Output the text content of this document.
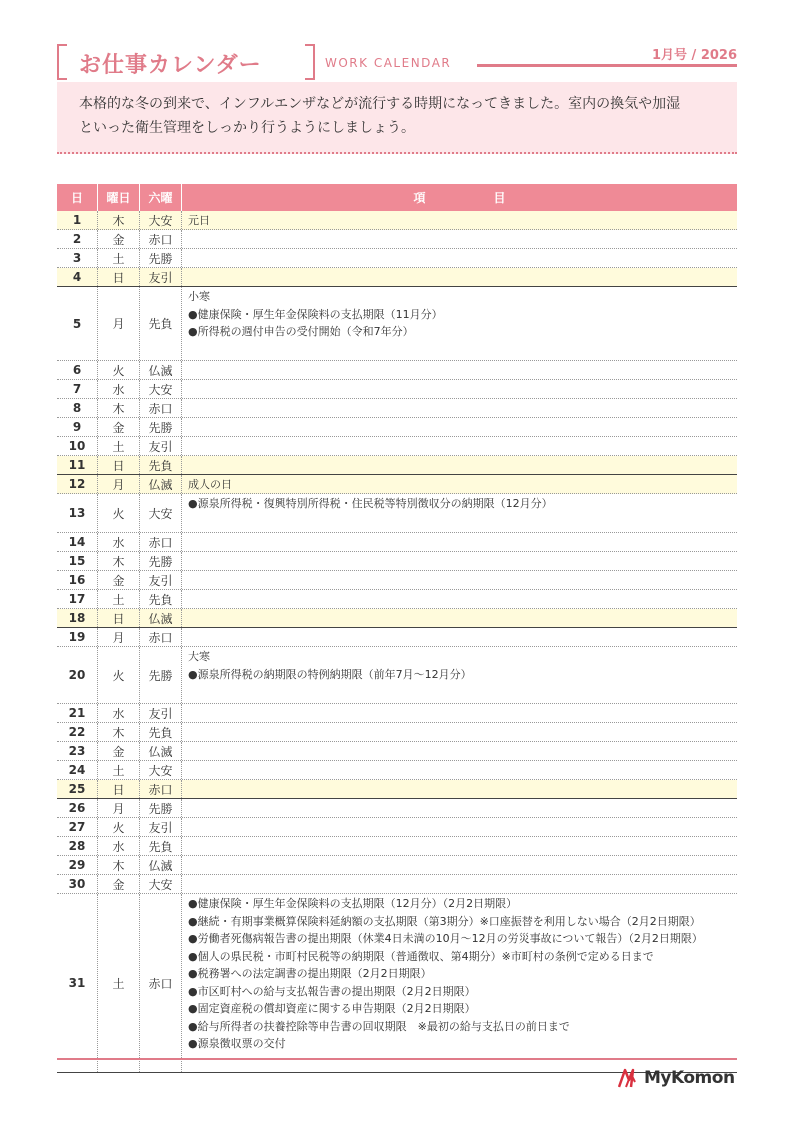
お仕事カレンダー	WORK CALENDAR	1月号 / 2026

本格的な冬の到来で、インフルエンザなどが流行する時期になってきました。室内の換気や加湿

といった衛生管理をしっかり行うようにしましょう。

日	曜日	六曜	項　目
1	木	大安	元日
2	金	赤口
3	土	先勝
4	日	友引
5	月	先負
小寒
●健康保険・厚生年金保険料の支払期限（11月分）
●所得税の週付申告の受付開始（令和7年分）
6	火	仏滅
7	水	大安
8	木	赤口
9	金	先勝
10	土	友引
11	日	先負
12	月	仏滅	成人の日
13	火	大安
●源泉所得税・復興特別所得税・住民税等特別徴収分の納期限（12月分）
14	水	赤口
15	木	先勝
16	金	友引
17	土	先負
18	日	仏滅
19	月	赤口
20	火	先勝
大寒
●源泉所得税の納期限の特例納期限（前年7月～12月分）
21	水	友引
22	木	先負
23	金	仏滅
24	土	大安
25	日	赤口
26	月	先勝
27	火	友引
28	水	先負
29	木	仏滅
30	金	大安
31	土	赤口
●健康保険・厚生年金保険料の支払期限（12月分）（2月2日期限）
●継続・有期事業概算保険料延納額の支払期限（第3期分）※口座振替を利用しない場合（2月2日期限）
●労働者死傷病報告書の提出期限（休業4日未満の10月～12月の労災事故について報告）（2月2日期限）
●個人の県民税・市町村民税等の納期限（普通徴収、第4期分）※市町村の条例で定める日まで
●税務署への法定調書の提出期限（2月2日期限）
●市区町村への給与支払報告書の提出期限（2月2日期限）
●固定資産税の償却資産に関する申告期限（2月2日期限）
●給与所得者の扶養控除等申告書の回収期限　※最初の給与支払日の前日まで
●源泉徴収票の交付
MyKomon
